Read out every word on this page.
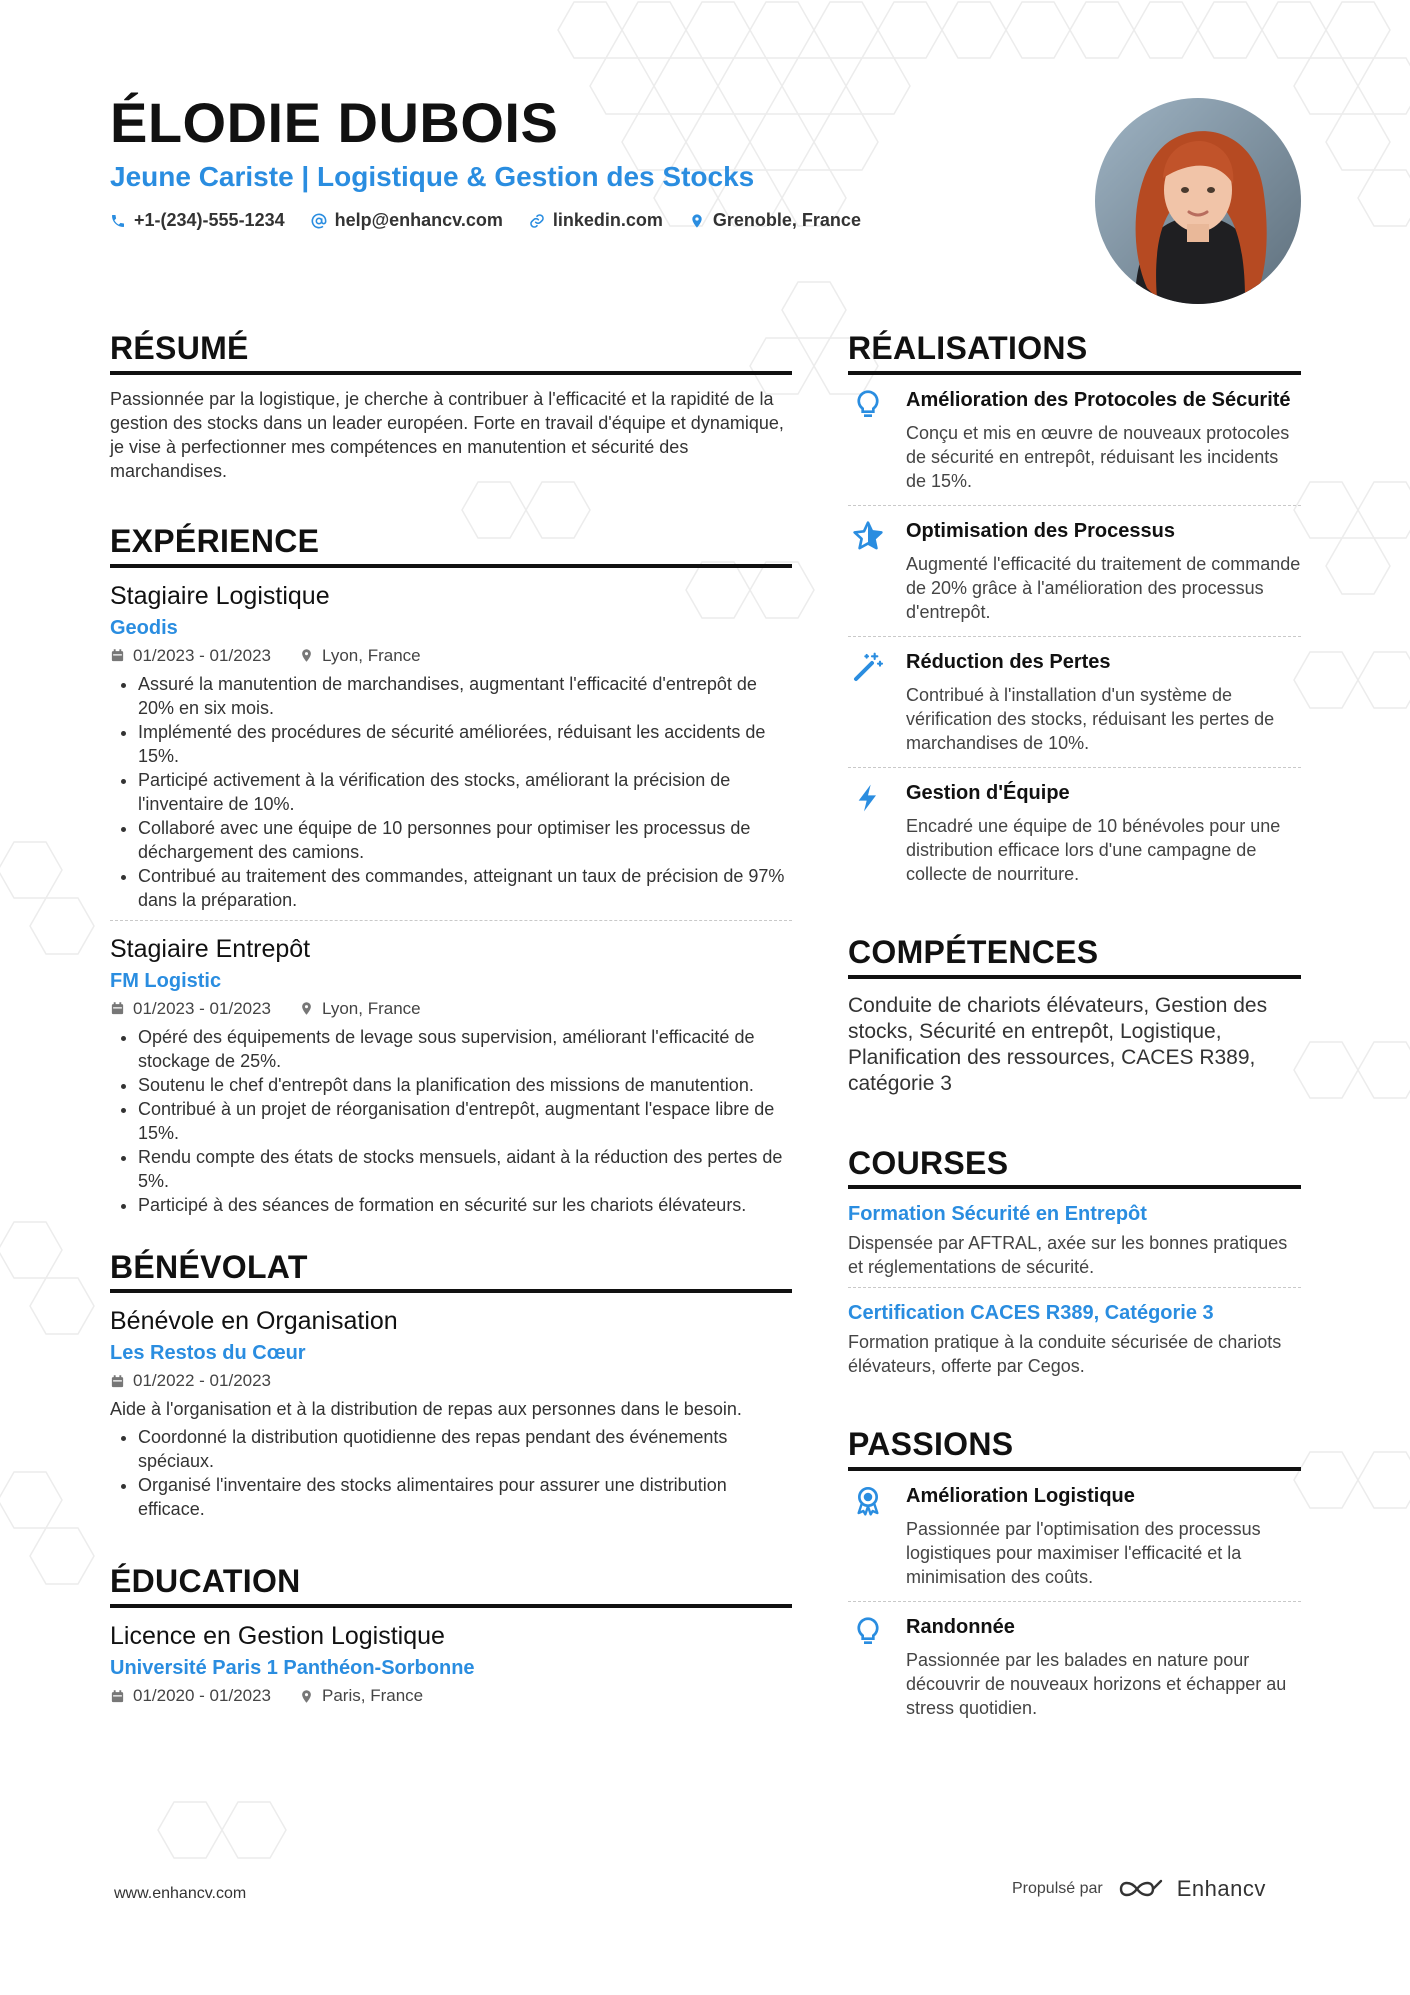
ÉLODIE DUBOIS
Jeune Cariste | Logistique & Gestion des Stocks
+1-(234)-555-1234	help@enhancv.com	linkedin.com	Grenoble, France
RÉSUMÉ
Passionnée par la logistique, je cherche à contribuer à l'efficacité et la rapidité de la gestion des stocks dans un leader européen. Forte en travail d'équipe et dynamique, je vise à perfectionner mes compétences en manutention et sécurité des marchandises.
EXPÉRIENCE
Stagiaire Logistique
Geodis
01/2023 - 01/2023	Lyon, France
• Assuré la manutention de marchandises, augmentant l'efficacité d'entrepôt de 20% en six mois.
• Implémenté des procédures de sécurité améliorées, réduisant les accidents de 15%.
• Participé activement à la vérification des stocks, améliorant la précision de l'inventaire de 10%.
• Collaboré avec une équipe de 10 personnes pour optimiser les processus de déchargement des camions.
• Contribué au traitement des commandes, atteignant un taux de précision de 97% dans la préparation.
Stagiaire Entrepôt
FM Logistic
01/2023 - 01/2023	Lyon, France
• Opéré des équipements de levage sous supervision, améliorant l'efficacité de stockage de 25%.
• Soutenu le chef d'entrepôt dans la planification des missions de manutention.
• Contribué à un projet de réorganisation d'entrepôt, augmentant l'espace libre de 15%.
• Rendu compte des états de stocks mensuels, aidant à la réduction des pertes de 5%.
• Participé à des séances de formation en sécurité sur les chariots élévateurs.
BÉNÉVOLAT
Bénévole en Organisation
Les Restos du Cœur
01/2022 - 01/2023
Aide à l'organisation et à la distribution de repas aux personnes dans le besoin.
• Coordonné la distribution quotidienne des repas pendant des événements spéciaux.
• Organisé l'inventaire des stocks alimentaires pour assurer une distribution efficace.
ÉDUCATION
Licence en Gestion Logistique
Université Paris 1 Panthéon-Sorbonne
01/2020 - 01/2023	Paris, France
RÉALISATIONS
Amélioration des Protocoles de Sécurité
Conçu et mis en œuvre de nouveaux protocoles de sécurité en entrepôt, réduisant les incidents de 15%.
Optimisation des Processus
Augmenté l'efficacité du traitement de commande de 20% grâce à l'amélioration des processus d'entrepôt.
Réduction des Pertes
Contribué à l'installation d'un système de vérification des stocks, réduisant les pertes de marchandises de 10%.
Gestion d'Équipe
Encadré une équipe de 10 bénévoles pour une distribution efficace lors d'une campagne de collecte de nourriture.
COMPÉTENCES
Conduite de chariots élévateurs, Gestion des stocks, Sécurité en entrepôt, Logistique, Planification des ressources, CACES R389, catégorie 3
COURSES
Formation Sécurité en Entrepôt
Dispensée par AFTRAL, axée sur les bonnes pratiques et réglementations de sécurité.
Certification CACES R389, Catégorie 3
Formation pratique à la conduite sécurisée de chariots élévateurs, offerte par Cegos.
PASSIONS
Amélioration Logistique
Passionnée par l'optimisation des processus logistiques pour maximiser l'efficacité et la minimisation des coûts.
Randonnée
Passionnée par les balades en nature pour découvrir de nouveaux horizons et échapper au stress quotidien.
www.enhancv.com	Propulsé par	Enhancv
